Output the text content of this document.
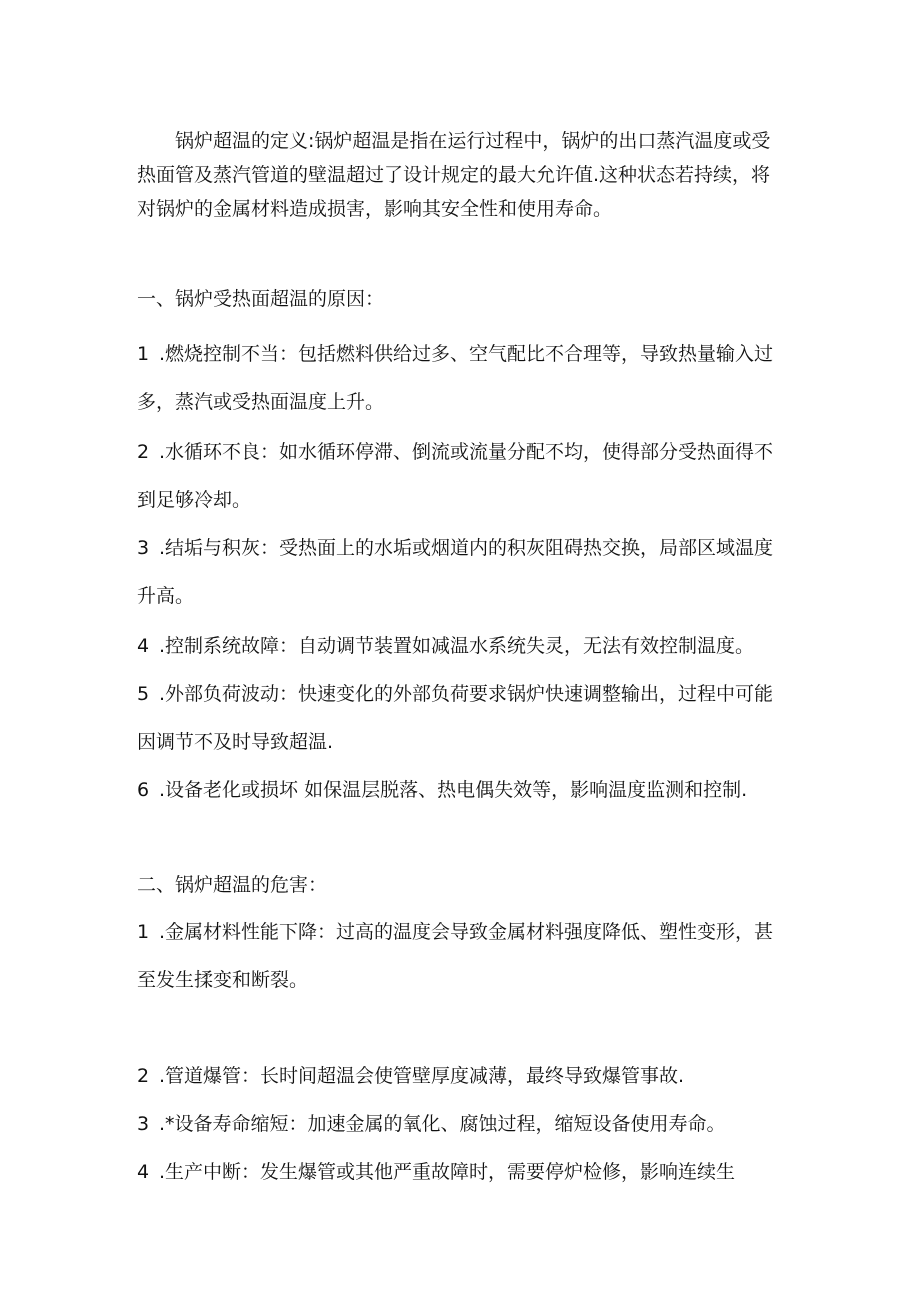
锅炉超温的定义:锅炉超温是指在运行过程中，锅炉的出口蒸汽温度或受热面管及蒸汽管道的壁温超过了设计规定的最大允许值.这种状态若持续，将对锅炉的金属材料造成损害，影响其安全性和使用寿命。

一、锅炉受热面超温的原因：

1 .燃烧控制不当：包括燃料供给过多、空气配比不合理等，导致热量输入过多，蒸汽或受热面温度上升。

2 .水循环不良：如水循环停滞、倒流或流量分配不均，使得部分受热面得不到足够冷却。

3 .结垢与积灰：受热面上的水垢或烟道内的积灰阻碍热交换，局部区域温度升高。

4 .控制系统故障：自动调节装置如减温水系统失灵，无法有效控制温度。

5 .外部负荷波动：快速变化的外部负荷要求锅炉快速调整输出，过程中可能因调节不及时导致超温.

6 .设备老化或损坏 如保温层脱落、热电偶失效等，影响温度监测和控制.

二、锅炉超温的危害：

1 .金属材料性能下降：过高的温度会导致金属材料强度降低、塑性变形，甚至发生揉变和断裂。

2 .管道爆管：长时间超温会使管壁厚度减薄，最终导致爆管事故.

3 .*设备寿命缩短：加速金属的氧化、腐蚀过程，缩短设备使用寿命。

4 .生产中断：发生爆管或其他严重故障时，需要停炉检修，影响连续生
